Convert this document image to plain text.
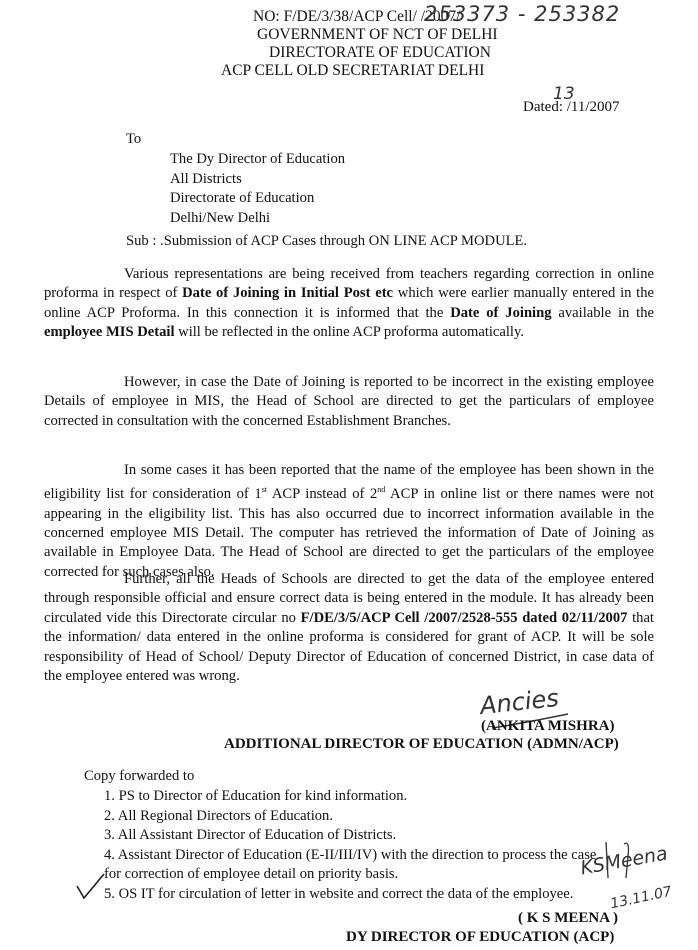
NO: F/DE/3/38/ACP Cell/ /2007/
253373 - 253382
GOVERNMENT OF NCT OF DELHI
DIRECTORATE OF EDUCATION
ACP CELL OLD SECRETARIAT DELHI
Dated: /11/2007
13
To
The Dy Director of Education
All Districts
Directorate of Education
Delhi/New Delhi
Sub : .Submission of ACP Cases through ON LINE ACP MODULE.

Various representations are being received from teachers regarding correction in online proforma in respect of Date of Joining in Initial Post etc which were earlier manually entered in the online ACP Proforma. In this connection it is informed that the Date of Joining available in the employee MIS Detail will be reflected in the online ACP proforma automatically.

However, in case the Date of Joining is reported to be incorrect in the existing employee Details of employee in MIS, the Head of School are directed to get the particulars of employee corrected in consultation with the concerned Establishment Branches.

In some cases it has been reported that the name of the employee has been shown in the eligibility list for consideration of 1st ACP instead of 2nd ACP in online list or there names were not appearing in the eligibility list. This has also occurred due to incorrect information available in the concerned employee MIS Detail. The computer has retrieved the information of Date of Joining as available in Employee Data. The Head of School are directed to get the particulars of the employee corrected for such cases also.

Further, all the Heads of Schools are directed to get the data of the employee entered through responsible official and ensure correct data is being entered in the module. It has already been circulated vide this Directorate circular no F/DE/3/5/ACP Cell /2007/2528-555 dated 02/11/2007 that the information/ data entered in the online proforma is considered for grant of ACP. It will be sole responsibility of Head of School/ Deputy Director of Education of concerned District, in case data of the employee entered was wrong.

Ancies
(ANKITA MISHRA)
ADDITIONAL DIRECTOR OF EDUCATION (ADMN/ACP)
Copy forwarded to
1. PS to Director of Education for kind information.
2. All Regional Directors of Education.
3. All Assistant Director of Education of Districts.
4. Assistant Director of Education (E-II/III/IV) with the direction to process the case
for correction of employee detail on priority basis.
5. OS IT for circulation of letter in website and correct the data of the employee.
KSMeena
13.11.07
( K S MEENA )
DY DIRECTOR OF EDUCATION (ACP)
